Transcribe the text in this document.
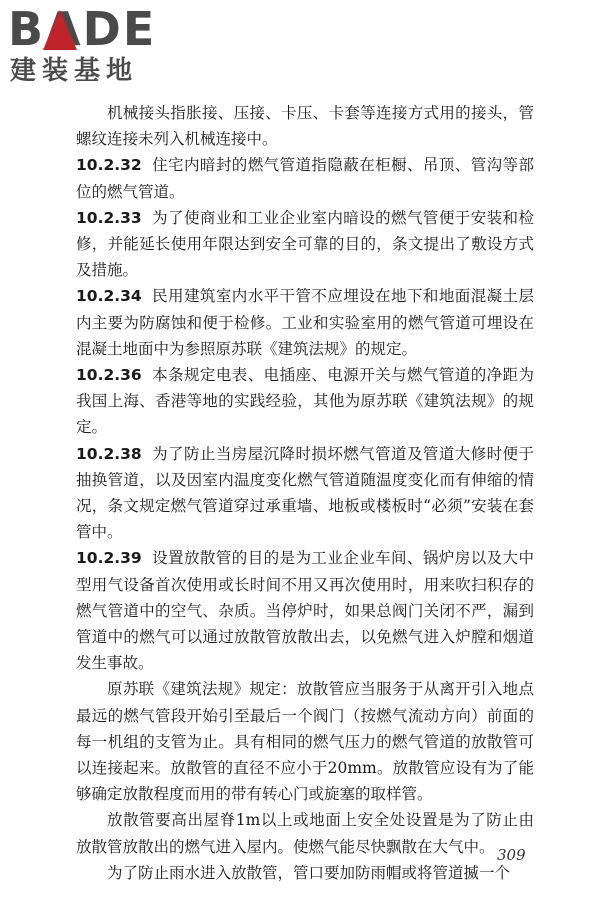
BADE
建装基地

机械接头指胀接、压接、卡压、卡套等连接方式用的接头，管螺纹连接未列入机械连接中。

10.2.32 住宅内暗封的燃气管道指隐蔽在柜橱、吊顶、管沟等部位的燃气管道。

10.2.33 为了使商业和工业企业室内暗设的燃气管便于安装和检修，并能延长使用年限达到安全可靠的目的，条文提出了敷设方式及措施。

10.2.34 民用建筑室内水平干管不应埋设在地下和地面混凝土层内主要为防腐蚀和便于检修。工业和实验室用的燃气管道可埋设在混凝土地面中为参照原苏联《建筑法规》的规定。

10.2.36 本条规定电表、电插座、电源开关与燃气管道的净距为我国上海、香港等地的实践经验，其他为原苏联《建筑法规》的规定。

10.2.38 为了防止当房屋沉降时损坏燃气管道及管道大修时便于抽换管道，以及因室内温度变化燃气管道随温度变化而有伸缩的情况，条文规定燃气管道穿过承重墙、地板或楼板时“必须”安装在套管中。

10.2.39 设置放散管的目的是为工业企业车间、锅炉房以及大中型用气设备首次使用或长时间不用又再次使用时，用来吹扫积存的燃气管道中的空气、杂质。当停炉时，如果总阀门关闭不严，漏到管道中的燃气可以通过放散管放散出去，以免燃气进入炉膛和烟道发生事故。

原苏联《建筑法规》规定：放散管应当服务于从离开引入地点最远的燃气管段开始引至最后一个阀门（按燃气流动方向）前面的每一机组的支管为止。具有相同的燃气压力的燃气管道的放散管可以连接起来。放散管的直径不应小于20mm。放散管应设有为了能够确定放散程度而用的带有转心门或旋塞的取样管。

放散管要高出屋脊1m以上或地面上安全处设置是为了防止由放散管放散出的燃气进入屋内。使燃气能尽快飘散在大气中。

为了防止雨水进入放散管，管口要加防雨帽或将管道揻一个

309
